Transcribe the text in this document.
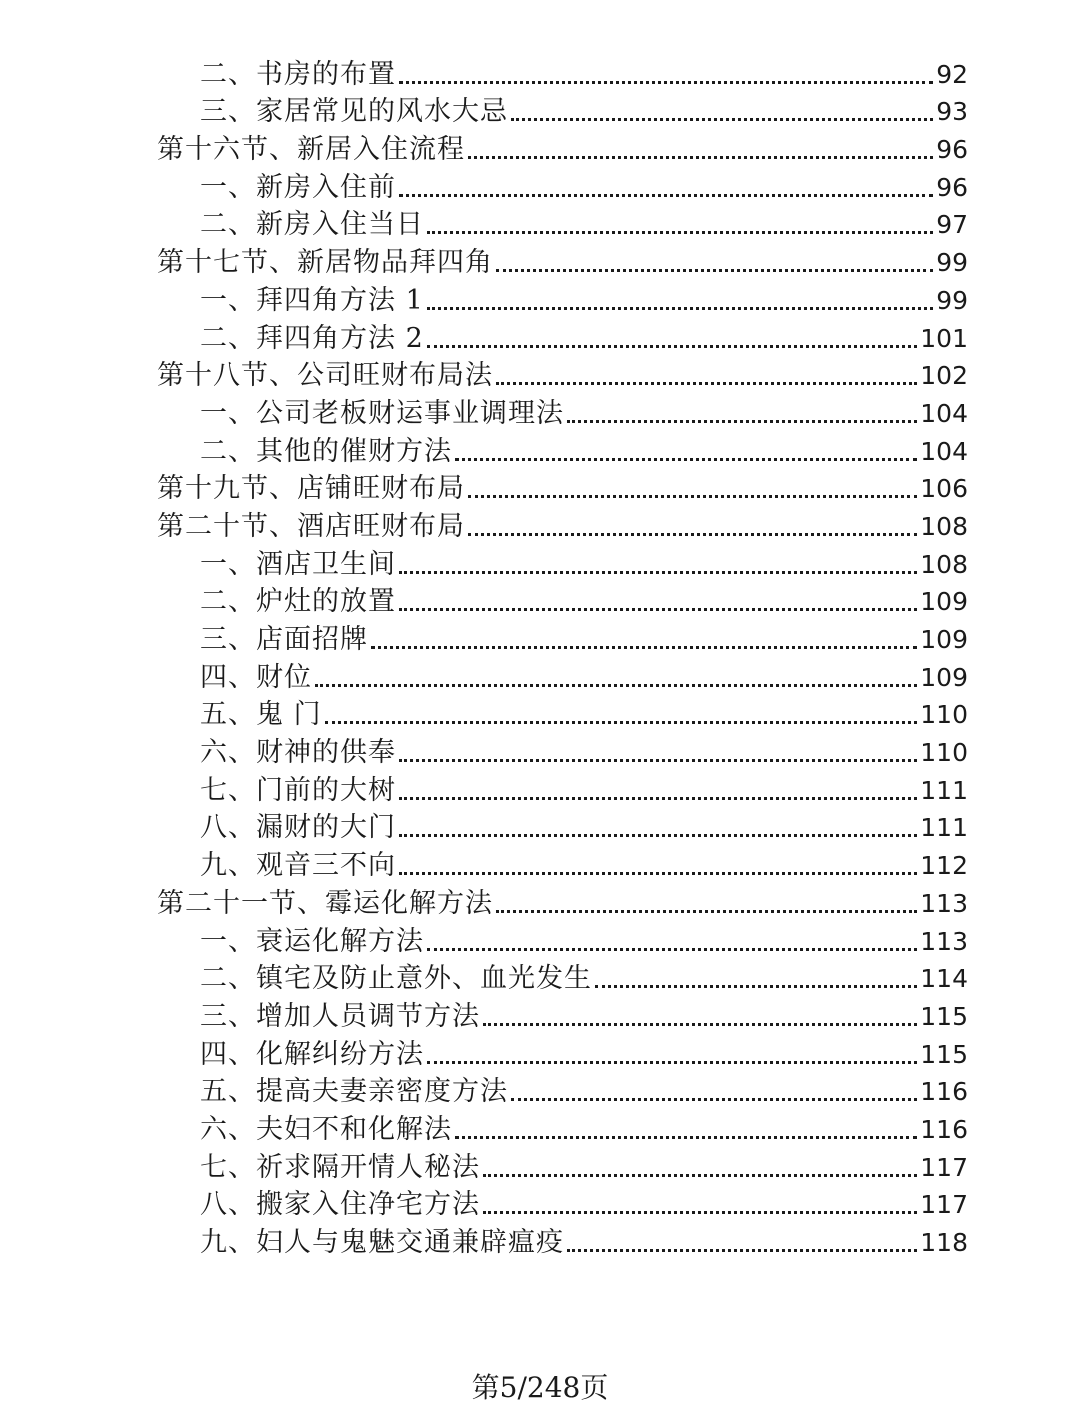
二、书房的布置	92
三、家居常见的风水大忌	93
第十六节、新居入住流程	96
一、新房入住前	96
二、新房入住当日	97
第十七节、新居物品拜四角	99
一、拜四角方法 1	99
二、拜四角方法 2	101
第十八节、公司旺财布局法	102
一、公司老板财运事业调理法	104
二、其他的催财方法	104
第十九节、店铺旺财布局	106
第二十节、酒店旺财布局	108
一、酒店卫生间	108
二、炉灶的放置	109
三、店面招牌	109
四、财位	109
五、鬼 门	110
六、财神的供奉	110
七、门前的大树	111
八、漏财的大门	111
九、观音三不向	112
第二十一节、霉运化解方法	113
一、衰运化解方法	113
二、镇宅及防止意外、血光发生	114
三、增加人员调节方法	115
四、化解纠纷方法	115
五、提高夫妻亲密度方法	116
六、夫妇不和化解法	116
七、祈求隔开情人秘法	117
八、搬家入住净宅方法	117
九、妇人与鬼魅交通兼辟瘟疫	118
第5/248页
